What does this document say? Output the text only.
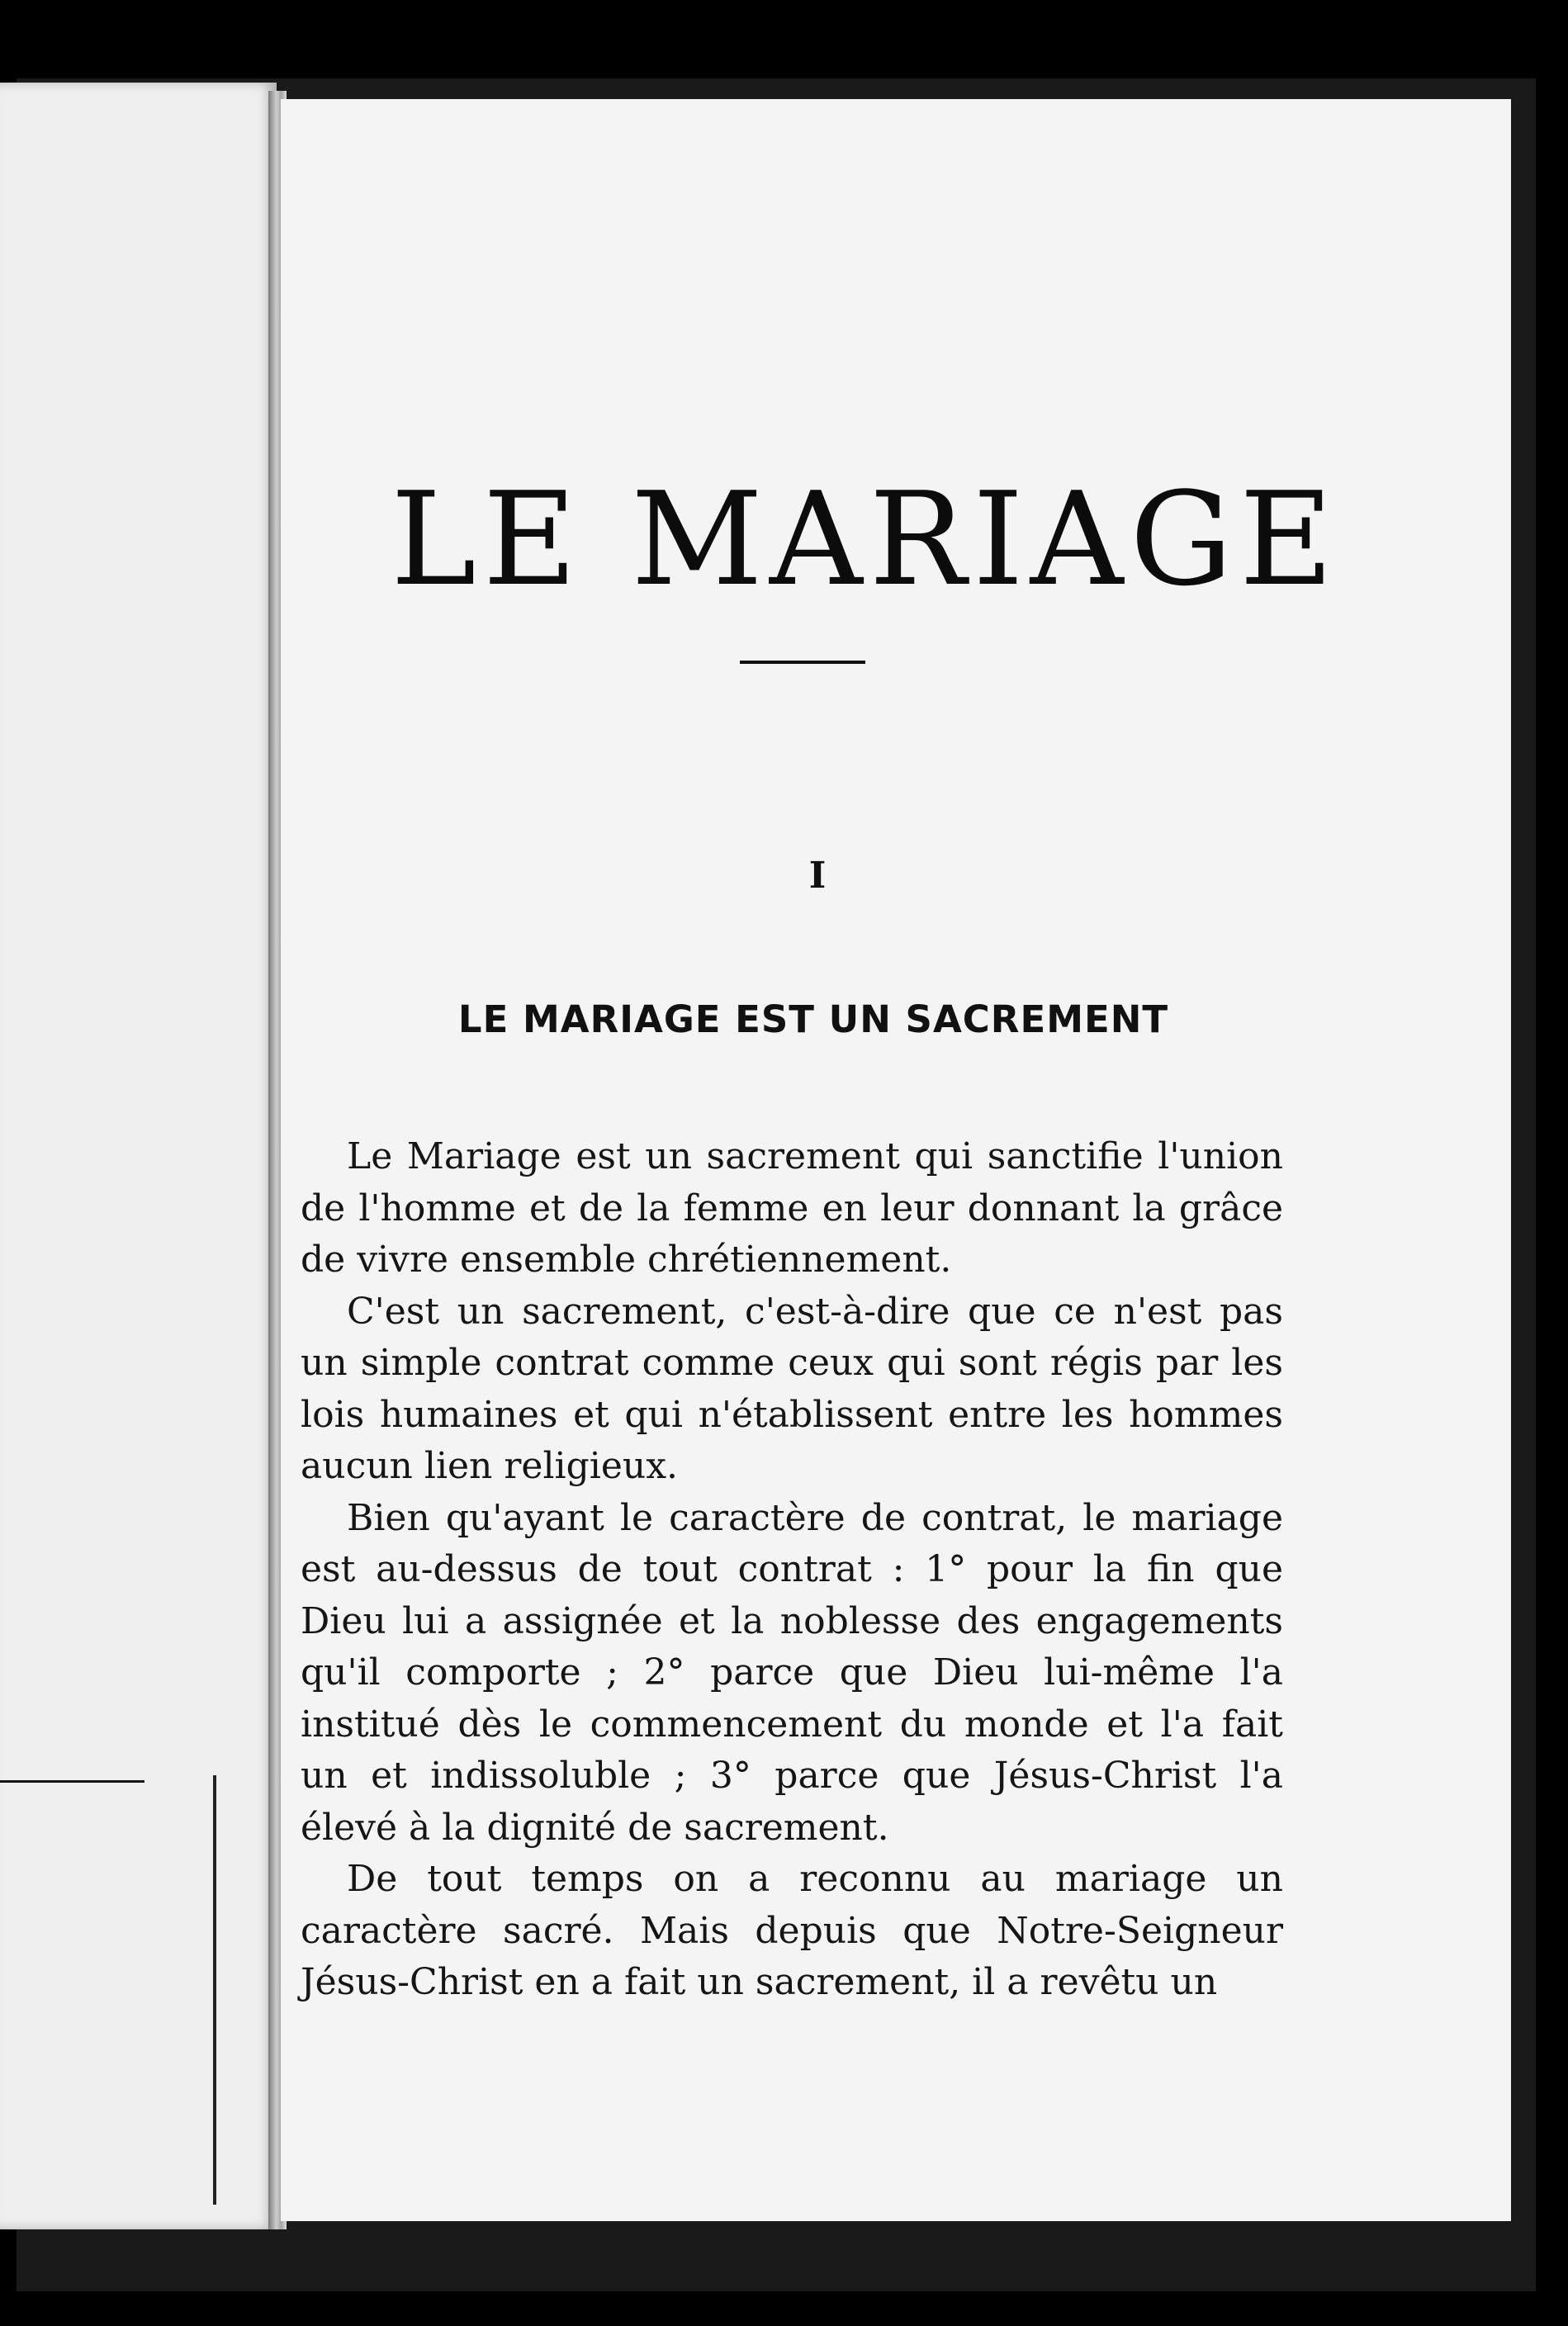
LE MARIAGE
I
LE MARIAGE EST UN SACREMENT

Le Mariage est un sacrement qui sanctifie l'union de l'homme et de la femme en leur donnant la grâce de vivre ensemble chrétiennement.

C'est un sacrement, c'est-à-dire que ce n'est pas un simple contrat comme ceux qui sont régis par les lois humaines et qui n'établissent entre les hommes aucun lien religieux.

Bien qu'ayant le caractère de contrat, le mariage est au-dessus de tout contrat : 1° pour la fin que Dieu lui a assignée et la noblesse des engagements qu'il comporte ; 2° parce que Dieu lui-même l'a institué dès le commencement du monde et l'a fait un et indissoluble ; 3° parce que Jésus-Christ l'a élevé à la dignité de sacrement.

De tout temps on a reconnu au mariage un caractère sacré. Mais depuis que Notre-Seigneur Jésus-Christ en a fait un sacrement, il a revêtu un
